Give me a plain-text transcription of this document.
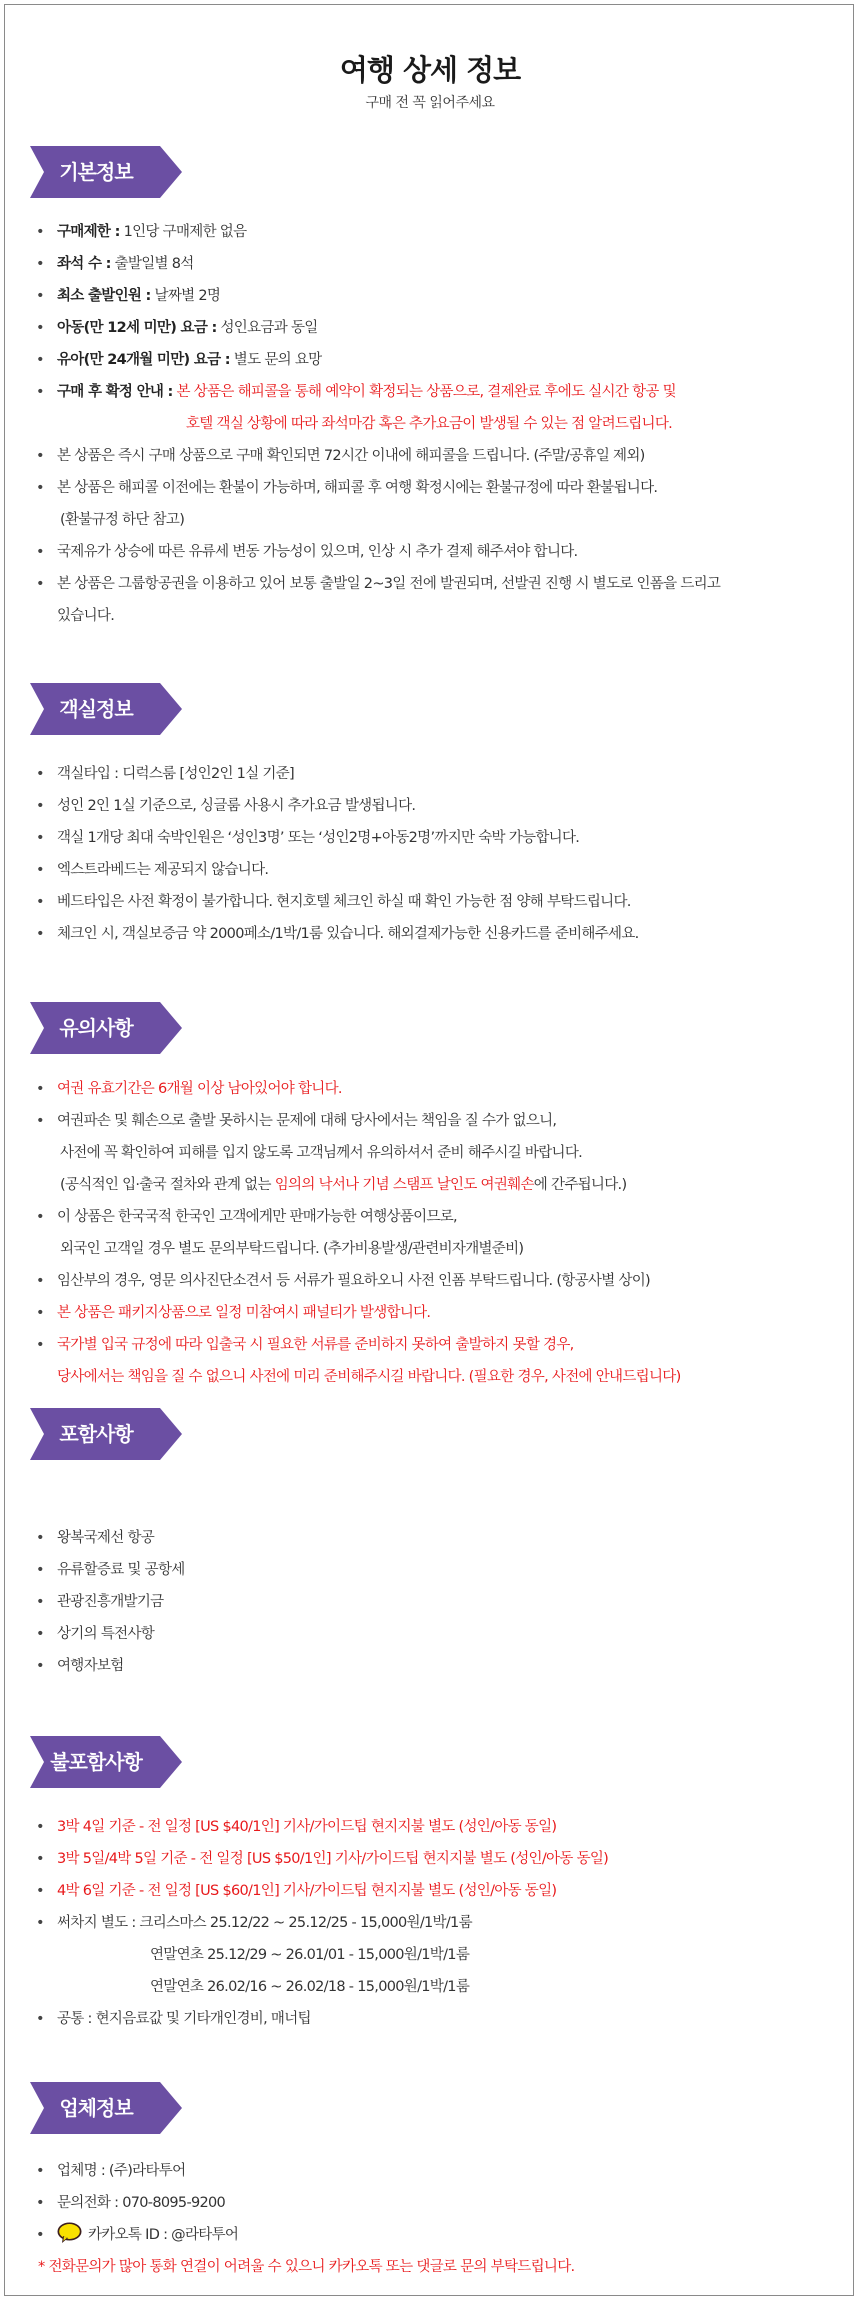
여행 상세 정보
구매 전 꼭 읽어주세요
기본정보
• 구매제한 : 1인당 구매제한 없음
• 좌석 수 : 출발일별 8석
• 최소 출발인원 : 날짜별 2명
• 아동(만 12세 미만) 요금 : 성인요금과 동일
• 유아(만 24개월 미만) 요금 : 별도 문의 요망
• 구매 후 확정 안내 : 본 상품은 해피콜을 통해 예약이 확정되는 상품으로, 결제완료 후에도 실시간 항공 및
호텔 객실 상황에 따라 좌석마감 혹은 추가요금이 발생될 수 있는 점 알려드립니다.
• 본 상품은 즉시 구매 상품으로 구매 확인되면 72시간 이내에 해피콜을 드립니다. (주말/공휴일 제외)
• 본 상품은 해피콜 이전에는 환불이 가능하며, 해피콜 후 여행 확정시에는 환불규정에 따라 환불됩니다.
(환불규정 하단 참고)
• 국제유가 상승에 따른 유류세 변동 가능성이 있으며, 인상 시 추가 결제 해주셔야 합니다.
• 본 상품은 그룹항공권을 이용하고 있어 보통 출발일 2~3일 전에 발권되며, 선발권 진행 시 별도로 인폼을 드리고
있습니다.
객실정보
• 객실타입 : 디럭스룸 [성인2인 1실 기준]
• 성인 2인 1실 기준으로, 싱글룸 사용시 추가요금 발생됩니다.
• 객실 1개당 최대 숙박인원은 ‘성인3명’ 또는 ‘성인2명+아동2명’까지만 숙박 가능합니다.
• 엑스트라베드는 제공되지 않습니다.
• 베드타입은 사전 확정이 불가합니다. 현지호텔 체크인 하실 때 확인 가능한 점 양해 부탁드립니다.
• 체크인 시, 객실보증금 약 2000페소/1박/1룸 있습니다. 해외결제가능한 신용카드를 준비해주세요.
유의사항
• 여권 유효기간은 6개월 이상 남아있어야 합니다.
• 여권파손 및 훼손으로 출발 못하시는 문제에 대해 당사에서는 책임을 질 수가 없으니,
사전에 꼭 확인하여 피해를 입지 않도록 고객님께서 유의하셔서 준비 해주시길 바랍니다.
(공식적인 입·출국 절차와 관계 없는 임의의 낙서나 기념 스탬프 날인도 여권훼손에 간주됩니다.)
• 이 상품은 한국국적 한국인 고객에게만 판매가능한 여행상품이므로,
외국인 고객일 경우 별도 문의부탁드립니다. (추가비용발생/관련비자개별준비)
• 임산부의 경우, 영문 의사진단소견서 등 서류가 필요하오니 사전 인폼 부탁드립니다. (항공사별 상이)
• 본 상품은 패키지상품으로 일정 미참여시 패널티가 발생합니다.
• 국가별 입국 규정에 따라 입출국 시 필요한 서류를 준비하지 못하여 출발하지 못할 경우,
당사에서는 책임을 질 수 없으니 사전에 미리 준비해주시길 바랍니다. (필요한 경우, 사전에 안내드립니다)
포함사항
• 왕복국제선 항공
• 유류할증료 및 공항세
• 관광진흥개발기금
• 상기의 특전사항
• 여행자보험
불포함사항
• 3박 4일 기준 - 전 일정 [US $40/1인] 기사/가이드팁 현지지불 별도 (성인/아동 동일)
• 3박 5일/4박 5일 기준 - 전 일정 [US $50/1인] 기사/가이드팁 현지지불 별도 (성인/아동 동일)
• 4박 6일 기준 - 전 일정 [US $60/1인] 기사/가이드팁 현지지불 별도 (성인/아동 동일)
• 써차지 별도 : 크리스마스 25.12/22 ~ 25.12/25 - 15,000원/1박/1룸
연말연초 25.12/29 ~ 26.01/01 - 15,000원/1박/1룸
연말연초 26.02/16 ~ 26.02/18 - 15,000원/1박/1룸
• 공통 : 현지음료값 및 기타개인경비, 매너팁
업체정보
• 업체명 : (주)라타투어
• 문의전화 : 070-8095-9200
•	카카오톡 ID : @라타투어
* 전화문의가 많아 통화 연결이 어려울 수 있으니 카카오톡 또는 댓글로 문의 부탁드립니다.
